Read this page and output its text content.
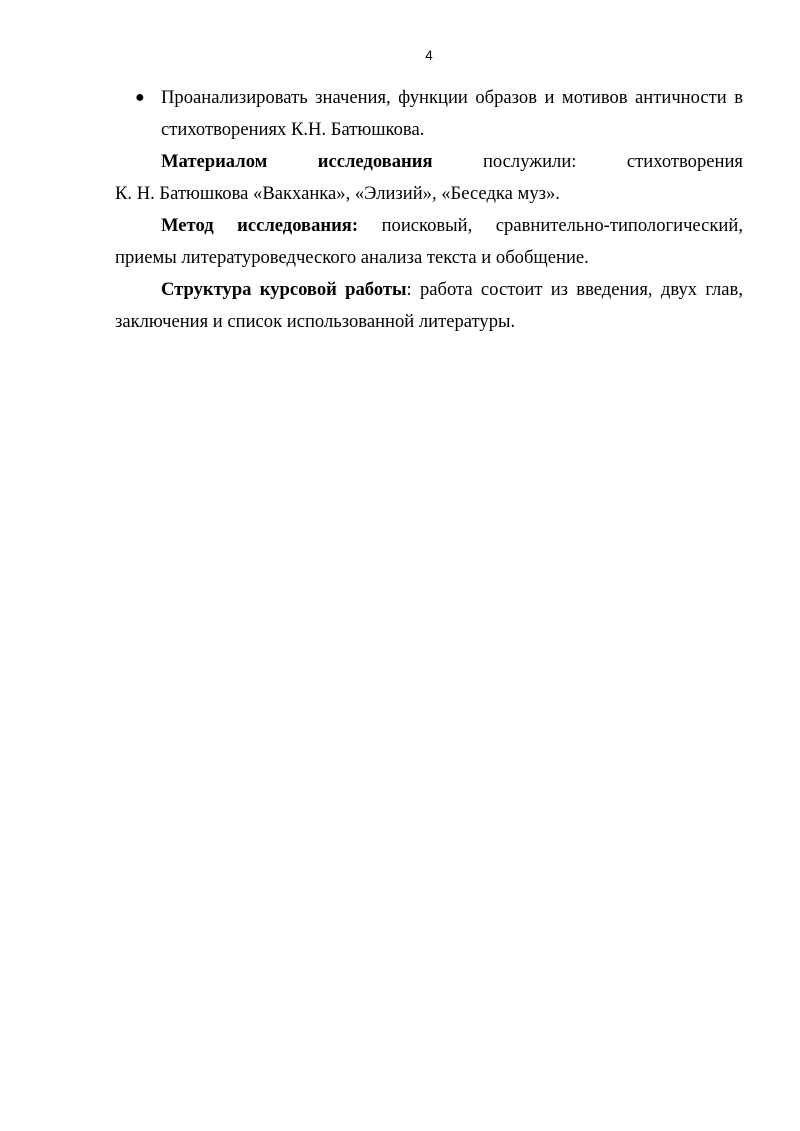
4
● Проанализировать значения, функции образов и мотивов античности в
стихотворениях К.Н. Батюшкова.
Материалом исследования послужили: стихотворения
К. Н. Батюшкова «Вакханка», «Элизий», «Беседка муз».

Метод исследования: поисковый, сравнительно-типологический, приемы литературоведческого анализа текста и обобщение.

Структура курсовой работы: работа состоит из введения, двух глав, заключения и список использованной литературы.
